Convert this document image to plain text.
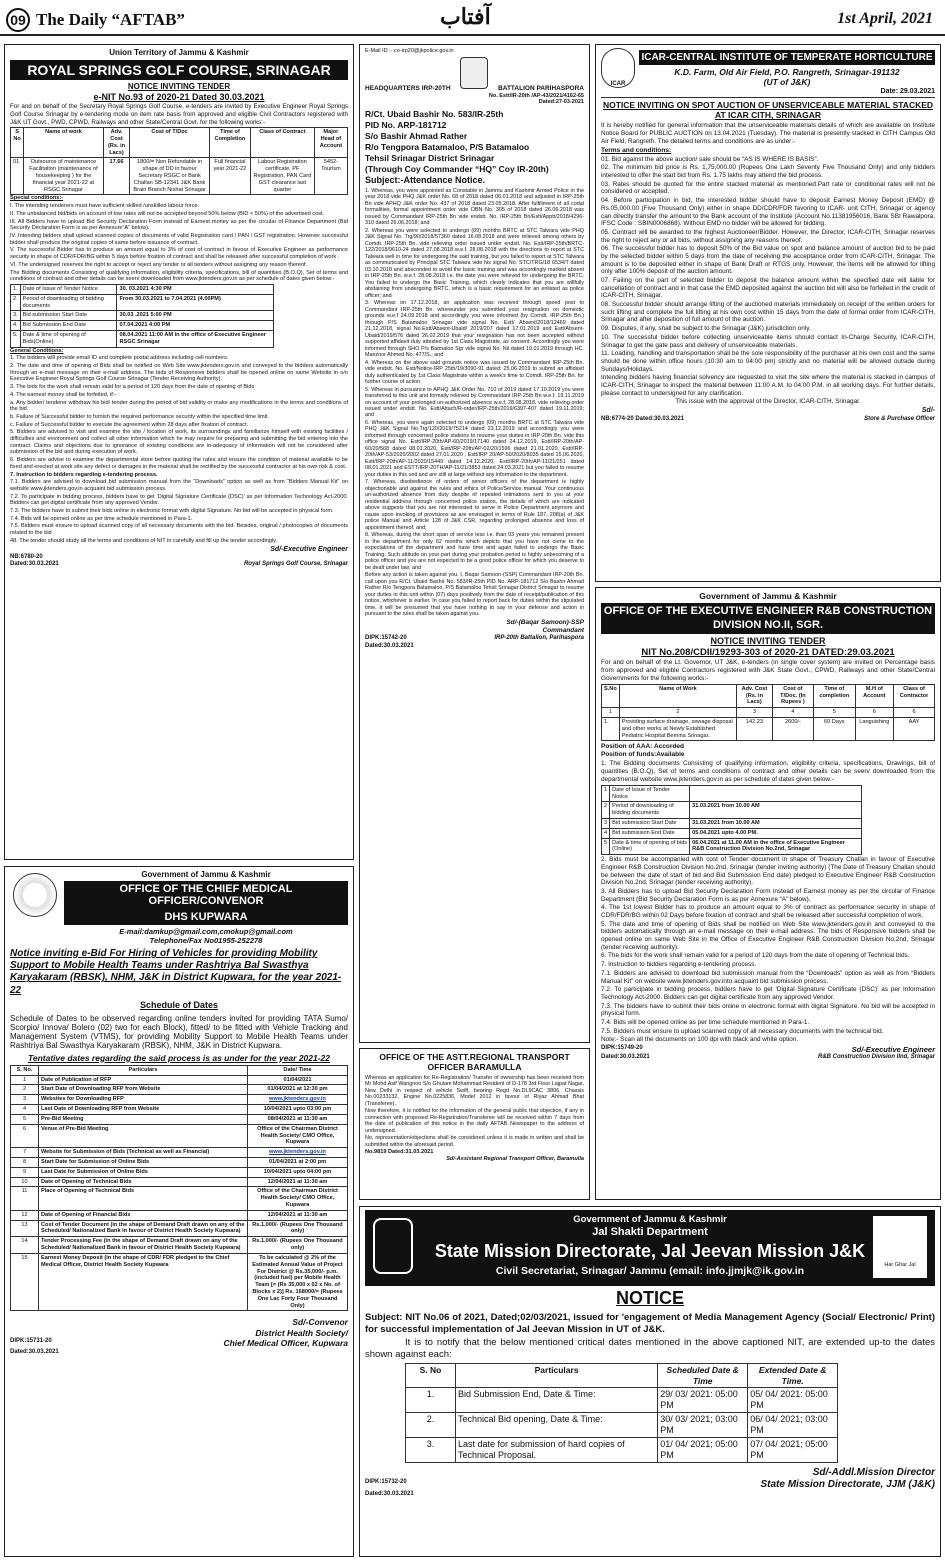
09 The Daily “AFTAB”	آفتاب	1st April, 2021
Union Territory of Jammu & Kashmir
ROYAL SPRINGS GOLF COURSE, SRINAGAR
NOTICE INVITING TENDER
e-NIT No.93 of 2020-21 Dated 30.03.2021

For and on behalf of the Secretary Royal Springs Golf Course, e-tenders are invited by Executive Engineer Royal Springs Golf Course Srinagar by e-tendering mode on item rate basis from approved and eligible Civil Contractors registered with J&K UT Govt., PWD, CPWD, Railways and other State/Central Govt. for the following works:-

S No	Name of work	Adv. Cost (Rs. in Lacs)	Cost of T/Doc	Time of Completion	Class of Contract	Major Head of Account
01	Outsource of maintenance Facilitation (maintenance of housekeeping ) for the financial year 2021-22 at RSGC Srinagar	17.66	1800/= Non Refundable in shape of DD in favour Secretary RSGC or Bank Challan SB-12341 J&K Bank Brain Branch Nishat Srinagar	Full financial year 2021-22	Labour Registration certificate, PF Registration, PAN Card GST clearance last quarter	5452-Tourism
Special conditions:-

I. The intending tenderers must have sufficient skilled /unskilled labour force.

II. The unbalanced bid/bids on account of low rates will not be accepted beyond 50% below (BID < 50%) of the advertised cost.

III. All Bidders have to upload Bid Security Declaration Form instead of Earnest money as per the circular of Finance Department (Bid Security Declaration Form is as per Annexure“A” below).

IV. Intending bidders shall upload scanned copies of documents of valid Registration card / PAN / GST registration. However successful bidder shall produce the original copies of same before issuance of contract.

V. The successful Bidder has to produce an amount equal to 3% of cost of contract in favour of Executive Engineer as performance security in shape of CDR/FDR/BG within 5 days before fixation of contract and shall be released after successful completion of work .

VI. The undersigned reserves the right to accept or reject any tender or all tenders without assigning any reason thereof.

The Bidding documents Consisting of qualifying information, eligibility criteria, specifications, bill of quantities (B.O.Q), Set of terms and conditions of contract and other details can be seen/ downloaded from www.jktenders.gov.in as per schedule of dates given below:-

1.	Date of Issue of Tender Notice	30. 03.2021 4:30 PM
2.	Period of downloading of bidding documents	From 30.03.2021 to 7.04.2021 (4.00PM)
3.	Bid submission Start Date	30.03 .2021 5:00 PM
4.	Bid Submission End Date	07.04.2021 4:00 PM
5.	Date & time of opening of Bids(Online)	08.04.2021 11:00 AM in the office of Executive Engineer RSGC Srinagar
General Conditions:

1. The bidders will provide email ID and complete postal address including cell numbers.

2. The date and time of opening of Bids shall be notified on Web Site www.jktenders.gov.in and conveyed to the bidders automatically through an e-mail message on their e-mail address. The bids of Responsive bidders shall be opened online on same Website in o/o Executive Engineer Royal Springs Golf Course Srinagar (Tender Receiving Authority).

3. The bids for the work shall remain valid for a period of 120 days from the date of opening of Bids

4. The earnest money shall be forfeited, if:-

a. Any bidder/ tenderer withdraw his bid/ tender during the period of bid validity or make any modifications in the terms and conditions of the bid.

b. Failure of Successful bidder to furnish the required performance security within the specified time limit.

c. Failure of Successful bidder to execute the agreement within 28 days after fixation of contract.

5. Bidders are advised to visit and examine the site / location of work, its surroundings and familiarize himself with existing facilities / difficulties and environment and collect all other information which he may require for preparing and submitting the bid entering into the contract. Claims and objections due to ignorance of existing conditions are in-adequacy of information will not be considered after submission of the bid and during execution of work.

6. Bidders are advise to examine the departmental store before quoting the rates and ensure the condition of material available to be fixed and erected at work site any defect or damages in the material shall be rectified by the successful contractor at his own risk & cost.

7. Instruction to bidders regarding e-tendering process.

7.1. Bidders are advised to download bid submission manual from the “Downloads” option as well as from “Bidders Manual Kit” on website www.jktenders.gov.in acquaint bid submission process.

7.2. To participate in bidding process, bidders have to get ‘Digital Signature Certificate (DSC)’ as per Information Technology Act-2000. Bidders can get digital certificate from any approved Vendor.

7.3. The bidders have to submit their bids online in electronic format with digital Signature. No bid will be accepted in physical form.

7.4. Bids will be opened online as per time schedule mentioned in Para-1.

7.5. Bidders must ensure to upload scanned copy of all necessary documents with the bid. Besides, original / photocopies of documents related to the bid .

48. The tender should study all the terms and conditions of NIT in carefully and fill up the tender accordingly.

Sd/-Executive Engineer
NB:6780-20
Dated:30.03.2021	Royal Springs Golf Course, Srinagar
Government of Jammu & Kashmir
OFFICE OF THE CHIEF MEDICAL OFFICER/CONVENOR
DHS KUPWARA
E-mail:damkup@gmail.com,cmokup@gmail.com
Telephone/Fax No01955-252278
Notice inviting e-Bid For Hiring of Vehicles for providing Mobility Support to Mobile Health Teams under Rashtriya Bal Swasthya Karyakaram (RBSK), NHM, J&K in District Kupwara, for the year 2021-22
Schedule of Dates

Schedule of Dates to be observed regarding online tenders invited for providing TATA Sumo/ Scorpio/ Innova/ Bolero (02) two for each Block), fitted/ to be fitted with Vehicle Tracking and Management System (VTMS), for providing Mobility Support to Mobile Health Teams under Rashtriya Bal Swasthya Karyakaram (RBSK), NHM, J&K in District Kupwara.

Tentative dates regarding the said process is as under for the year 2021-22
S. No.	Particulars	Date/ Time
1	Date of Publication of RFP	01/04/2021
2	Start Date of Downloading RFP from Website	01/04/2021 at 12:30 pm
3	Websites for Downloading RFP	www.jktenders.gov.in
4	Last Date of Downloading RFP from Website	10/04/2021 upto 03:00 pm
5	Pre-Bid Meeting	08/04/2021 at 11:30 am
6	Venue of Pre-Bid Meeting	Office of the Chairman District Health Society/ CMO Office, Kupwara
7	Website for Submission of Bids (Technical as well as Financial)	www.jktenders.gov.in
8	Start Date for Submission of Online Bids	01/04/2021 at 2:00 pm
9	Last Date for Submission of Online Bids	10/04/2021 upto 04:00 pm
10	Date of Opening of Technical Bids	12/04/2021 at 11:30 am
11	Place of Opening of Technical Bids	Office of the Chairman District Health Society/ CMO Office, Kupwara
12	Date of Opening of Financial Bids	12/04/2021 at 11:30 am
13	Cost of Tender Document (in the shape of Demand Draft drawn on any of the Scheduled/ Nationalized Bank in favour of District Health Society Kupwara)	Rs.1,000/- (Rupees One Thousand only)
14	Tender Processing Fee (in the shape of Demand Draft drawn on any of the Scheduled/ Nationalized Bank in favour of District Health Society Kupwara)	Rs.1,000/- (Rupees One Thousand only)
15	Earnest Money Deposit (in the shape of CDR/ FDR pledged to the Chief Medical Officer, District Health Society Kupwara	To be calculated @ 2% of the Estimated Annual Value of Project For District @ Rs.35,000/- p.m. (included fuel) per Mobile Health Team [= (Rs 35,000 x 02 x No. of Blocks x 2)] Rs. 168000/= (Rupees One Lac Forty Four Thousand Only)
Sd/-Convenor
District Health Society/
DIPK:15731-20	Chief Medical Officer, Kupwara
Dated:30.03.2021
E-Mail ID :- co-irp20@jkpolice.gov.in
HEADQUARTERS IRP-20TH	BATTALION PARIHASPORA
No. Estt/IR-20th /AP-43/2021/4162-65
Dated:27-03-2021
R/Ct. Ubaid Bashir No. 583/IR-25th
PID No. ARP-181712
S/o Bashir Ahmad Rather
R/o Tengpora Batamaloo, P/S Batamaloo
Tehsil Srinagar District Srinagar
(Through Coy Commander “HQ” Coy IR-20th)
Subject:-Attendance Notice.

1. Whereas, you were appointed as Constable in Jammu and Kashmir Armed Police in the year 2018 vide PHQ J&K order No. 68 of 2018 dated 06.01.2018 and adjusted in IRP-25th Bn vide APHQ J&K order No. 437 of 2018 dated 23.05.2018. After fulfillment of all codal formalities, formal appointment order vide OBN No. 305 of 2018 dated 26.06.2018 was issued by Commandant IRP-25th Bn vide endstt. No. IRP-25th Bn/Estt/Apptt/2018/4296-310 dated 26.06.2018; and

2. Whereas you were selected to undergo (09) months BRTC at STC Talwara vide PHQ J&K Signal No. Trg/90/2018/57360 dated 16.08.2018 and were relieved among others by Comdt. IRP-25th Bn. vide relieving order issued under endstt. No. Estt/IRP-25th/BRTC-122/2018/9610-24 dated 27.08.2018 w.e.f. 28.08.2018 with the directions to report at STC Talwara well in time for undergoing the said training, but you failed to report at STC Talwara as communicated by Principal STC Talwara vide his signal No. STC/TRG/18 6534/T dated 03.10.2018 and absconded to avoid the basic training and was accordingly marked absent in IRP-25th Bn. w.e.f. 28.08.2018 i.e. the date you were relieved for undergoing the BRTC. You failed to undergo the Basic Training, which clearly indicates that you are willfully abstaining from undergoing BRTC, which is a basic requirement for an enlisted as police officer; and

3. Whereas on 17.12.2018, an application was received through speed post to Commandant IRP-25th Bn. whereunder you submitted your resignation on domestic grounds w.e.f 24.09.2018 and accordingly you were informed (by Comdt. IRP-25th Bn.) through P/S Batamaloo Srinagar vide signal No. Estt/ Absent/2018/12469 dated 21.12.2018, signal No.Estt/Absent-Ubaid/ 2019/207 dated 17.01.2019 and Estt/Absent-Ubaid/2019/576 dated 26.02.2019 that your resignation has not been accepted without supported affidavit duly attested by 1st Class Magistrate, as consent. Accordingly you were informed through SHO P/s Batmaloo Sgr vide signal No. Nil dated 19.01.2019 through HC. Manzoor Ahmed No. 477/S.; and

4. Whereas on the above said grounds notice was issued by Commandant IRP-25th Bn. vide endstt. No. Estt/Notice-IRP 25th/19/3090-91 dated: 25.06.2019 to submit an affidavit duly authenticated by 1st Class Magistrate within a week's time to Comdt. IRP-25th Bn. for further course of action.

5. Whereas in pursuance to APHQ J&K Order No. 710 of 2019 dated 17.10.2019 you were transferred to this unit and formally relieved by Commandant IRP-25th Bn w.e.f. 19.11.2019 on account of your prolonged un-authorized absence w.e.f. 28.08.2018, vide relieving order issued under endstt. No. Estt/Attach/R-order/IRP-25th/2019/6397-407 dated 19.11.2019; and

6. Whereas, you were again selected to undergo (09) months BRTC at STC Talwara vide PHQ J&K Signal No.Trg/120/2019/75214 dated 23.12.2019 and accordingly you were informed through concerned police stations to resume your duties in IRP-20th Bn. vide this office signal No. Estt/IRP-20th/AP-60/2019/17140 dated 24.12.2019, Estt/IRP-20th/AP-60/20/568 dated 08.01.2020, Estt/IRP-20th/AP-02/20/1596 dated 21.01.2020, Estt/IRP-20th/AP-53/2020/2002 dated 27.01.2020 , Estt/IRP 20/AP-50/2020/8035 dated 15.06.2020, Estt/IRP-20th/AP-11/2020/15449 dated 14.12.2020, Estt/IRP-20th/AP-11/21/251 dated 08.01.2021 and ESTT/IRP-20TH/AP-11/21/3853 dated 24.03.2021 but you failed to resume your duties in this unit and are still at large without any information to the department.

7. Whereas, disobedience of orders of senior officers of the department is highly objectionable and against the rules and ethics of Police/Service manual. Your continuous un-authorized absence from duty despite of repeated intimations sent to you at your residential address through concerned police station, the details of which are indicated above suggests that you are not interested to serve in Police Department anymore and cause upon invoking of provisions as are envisaged in terms of Rule 187, 208(a) of J&K police Manual and Article 128 of J&K CSR, regarding prolonged absence and loss of appointment thereof, and;

8. Whereas, during the short span of service less i.e. than 03 years you remained present in the department for only 62 months which depicts that you have not come to the expectations of the department and have time and again failed to undergo the Basic Training. Such attitude on your part during your probation period is highly unbecoming of a police officer and you are not expected to be a good police officer for which you deserve to be dealt under law; and

Before any action is taken against you. I, Baqar Samoon-(SSP) Commandant IRP-20th Bn. call upon you R/Ct. Ubaid Bashir No. 583/IR-25th PID No. ARP-181712 S/o Bashir Ahmad Rather R/o Tengpora Batamaloo, P/S Batamaloo Tehsil Srinagar District Srinagar to resume your duties in this unit within (07) days positively from the date of receipt/publication of this notice, whichever is earlier. In case you failed to report back for duties within the stipulated time, it will be presumed that you have nothing to say in your defense and action in pursuant to the rules shall be taken against you.

Sd/-(Baqar Samoon)-SSP
Commandant
DIPK:15742-20	IRP-20th Battalion, Parihaspora
Dated:30.03.2021
OFFICE OF THE ASTT.REGIONAL TRANSPORT OFFICER BARAMULLA

Whereas an application for Re-Registration/ Transfer of ownership has been received from Mr Mohd Asif Wangnoo S/o Ghulam Mohammad Resident of D-178 3rd Floor Lajpat Nagar, New Delhi in respect of vehicle Swift, bearing Regd No.DL9CAC 3806, Chassis No.00233132, Engine No.0225836, Model 2012 in favour of Riyaz Ahmad Bhat (Transferee).

Now therefore, it is notified for the information of the general public that objection, if any in connection with proposed Re-Registration/Transferee will be received within 7 days from the date of publication of this notice in the daily AFTAB Newspaper to the address of undersigned.

No, representation/objections shall be considered unless it is made in written and shall be submitted within the aforesaid period.

No.9819 Dated:31.03.2021
Sd/-Assistant Regional Transport Officer, Baramulla
ICAR
ICAR-CENTRAL INSTITUTE OF TEMPERATE HORTICULTURE
K.D. Farm, Old Air Field, P.O. Rangreth, Srinagar-191132
(UT of J&K)
Date: 29.03.2021
NOTICE INVITING ON SPOT AUCTION OF UNSERVICEABLE MATERIAL STACKED AT ICAR CITH, SRINAGAR

It is hereby notified for general information that the unserviceable materials details of which are available on Institute Notice Board for PUBLIC AUCTION on 13.04.2021 (Tuesday). The material is presently stacked in CITH Campus Old Air Field, Rangreth. The detailed terms and conditions are as under:-

Terms and conditions:

01. Bid against the above auction/ sale should be “AS IS WHERE IS BASIS”.

02. The minimum bid price is Rs. 1,75,000.00 (Rupees One Lakh Seventy Five Thousand Only) and only bidders interested to offer the start bid from Rs. 1.75 lakhs may attend the bid process.

03. Rates should be quoted for the entire stacked material as mentioned.Part rate or conditional rates will not be considered or accepted.

04. Before participation in bid, the interested bidder should have to deposit Earnest Money Deposit (EMD) @ Rs.05,000.00 (Five Thousand Only) either in shape DD/CDR/FDR favoring to ICAR- unit CITH, Srinagar or agency can directly transfer the amount to the Bank account of the Institute (Account No.11381956016, Bank SBI Rawalpora, IFSC Code : SBIN0006868). Without EMD no bidder will be allowed for bidding.

05. Contract will be awarded to the highest Auctioneer/Bidder. However, the Director, ICAR-CITH, Srinagar reserves the right to reject any or all bids, without assigning any reasons thereof.

06. The successful bidder has to deposit 50% of the Bid value on spot and balance amount of auction bid to be paid by the selected bidder within 5 days from the date of receiving the acceptance order from ICAR-CITH, Srinagar. The amount is to be deposited either in shape of Bank Draft or RTGS only. However, the items will be allowed for lifting only after 100% deposit of the auction amount.

07. Failing on the part of selected bidder to deposit the balance amount within the specified date will liable for cancellation of contract and in that case the EMD deposited against the auction bid will also be forfeited in the credit of ICAR-CITH, Srinagar.

08. Successful bidder should arrange lifting of the auctioned materials immediately on receipt of the written orders for such lifting and complete the full lifting at his own cost within 15 days from the date of formal order from ICAR-CITH, Srinagar and after deposition of full amount of the auction.

09. Disputes, if any, shall be subject to the Srinagar (J&K) jurisdiction only.

10. The successful bidder before collecting unserviceable items should contact In-Charge Security, ICAR-CITH, Srinagar to get the gate pass and delivery of unserviceable materials.

11. Loading, handling and transportation shall be the sole responsibility of the purchaser at his own cost and the same should be done within office hours (10:30 am to 04:00 pm) strictly and no material will be allowed outside during Sundays/Holidays.

Intending bidders having financial solvency are requested to visit the site where the material is stacked in campus of ICAR-CITH, Srinagar to inspect the material between 11:00 A.M. to 04:00 P.M. in all working days. For further details, please contact to undersigned for any clarification.

This issue with the approval of the Director, ICAR-CITH, Srinagar.

Sd/-
NB:6774-20 Dated:30.03.2021	Store & Purchase Officer
Government of Jammu & Kashmir
OFFICE OF THE EXECUTIVE ENGINEER R&B CONSTRUCTION DIVISION NO.II, SGR.
NOTICE INVITING TENDER
NIT No.208/CDII/19293-303 of 2020-21 DATED:29.03.2021

For and on behalf of the Lt. Governor, UT J&K, e-tenders (in single cover system) are invited on Percentage basis from approved and eligible Contractors registered with J&K State Govt., CPWD, Railways and other State/Central Governments for the following works:-

S.No	Name of Work	Adv. Cost (Rs. in Lacs)	Cost of T/Doc. (In Rupees )	Time of completion	M.H of Account	Class of Contractor
1	2	3	4	5	6	6
1.	Providing surface drainage, sewage disposal and other works at Newly Established Pediatric Hospital Bemina Srinagar.	142.23	2600/-	60 Days	Languishing	AAY
Position of AAA: Accorded
Position of funds:Available

1. The Bidding documents Consisting of qualifying information, eligibility criteria, specifications, Drawings, bill of quantities (B.O.Q), Set of terms and conditions of contract and other details can be seen/ downloaded from the departmental website www.jktenders.gov.in as per schedule of dates given below:-

1	Date of Issue of Tender Notice	
2	Period of downloading of bidding documents	31.03.2021 from 10.00 AM
3	Bid submission Start Date	31.03.2021 from 10.00 AM
4	Bid submission End Date	05.04.2021 upto 4.00 PM.
5	Date & time of opening of bids (Online)	06.04.2021 at 11.00 AM in the office of Executive Engineer R&B Construction Division No.2nd, Srinagar

2. Bids must be accompanied with cost of Tender document in shape of Treasury Challan in favour of Executive Engineer R&B Construction Division No.2nd, Srinagar (tender inviting authority) (The Date of Treasury Challan should be between the date of start of bid and Bid Submission End date) pledged to Executive Engineer R&B Construction Division No.2nd, Srinagar (tender receiving authority).

3. All Bidders has to upload Bid Security Declaration Form instead of Earnest money as per the circular of Finance Department (Bid Security Declaration Form is as per Annexure “A” below).

4. The 1st lowest Bidder has to produce an amount equal to 3% of contract as performance security in shape of CDR/FDR/BG within 02 Days before fixation of contract and shall be released after successful completion of work.

5. The date and time of opening of Bids shall be notified on Web Site www.jktenders.gov.in and conveyed to the bidders automatically through an e-mail message on their e-mail address. The bids of Responsive bidders shall be opened online on same Web Site in the Office of Executive Engineer R&B Construction Division No.2nd, Srinagar (tender receiving authority).

6. The bids for the work shall remain valid for a period of 120 days from the date of opening of Technical bids.

7. Instruction to bidders regarding e-tendering process.

7.1. Bidders are advised to download bid submission manual from the “Downloads” option as well as from “Bidders Manual Kit” on website www.jktenders.gov.into acquaint bid submission process.

7.2. To participate in bidding process, bidders have to get ‘Digital Signature Certificate (DSC)’ as per Information Technology Act-2000. Bidders can get digital certificate from any approved Vendor.

7.3. The bidders have to submit their bids online in electronic format with digital Signature. No bid will be accepted in physical form.

7.4. Bids will be opened online as per time schedule mentioned in Para-1.

7.5. Bidders must ensure to upload scanned copy of all necessary documents with the technical bid.

Note:- Scan all the documents on 100 dpi with black and white option.

DIPK:15749-20	Sd/-Executive Engineer
Dated:30.03.2021	R&B Construction Division IInd, Srinagar
Har Ghar Jal
Government of Jammu & Kashmir
Jal Shakti Department
State Mission Directorate, Jal Jeevan Mission J&K
Civil Secretariat, Srinagar/ Jammu (email: info.jjmjk@ik.gov.in
NOTICE

Subject: NIT No.06 of 2021, Dated;02/03/2021, issued for 'engagement of Media Management Agency (Social/ Electronic/ Print) for successful implementation of Jal Jeevan Mission in UT of J&K.

It is to notify that the below mentioned critical dates mentioned in the above captioned NIT, are extended up-to the dates shown against each:

S. No	Particulars	Scheduled Date & Time	Extended Date & Time.
1.	Bid Submission End, Date & Time:	29/ 03/ 2021: 05:00 PM	05/ 04/ 2021: 05:00 PM
2.	Technical Bid opening, Date & Time:	30/ 03/ 2021; 03:00 PM	06/ 04/ 2021; 03:00 PM
3.	Last date for submission of hard copies of Technical Proposal.	01/ 04/ 2021; 05:00 PM	07/ 04/ 2021; 05:00 PM
Sd/-Addl.Mission Director
DIPK:15732-20	State Mission Directorate, JJM (J&K)
Dated:30.03.2021
